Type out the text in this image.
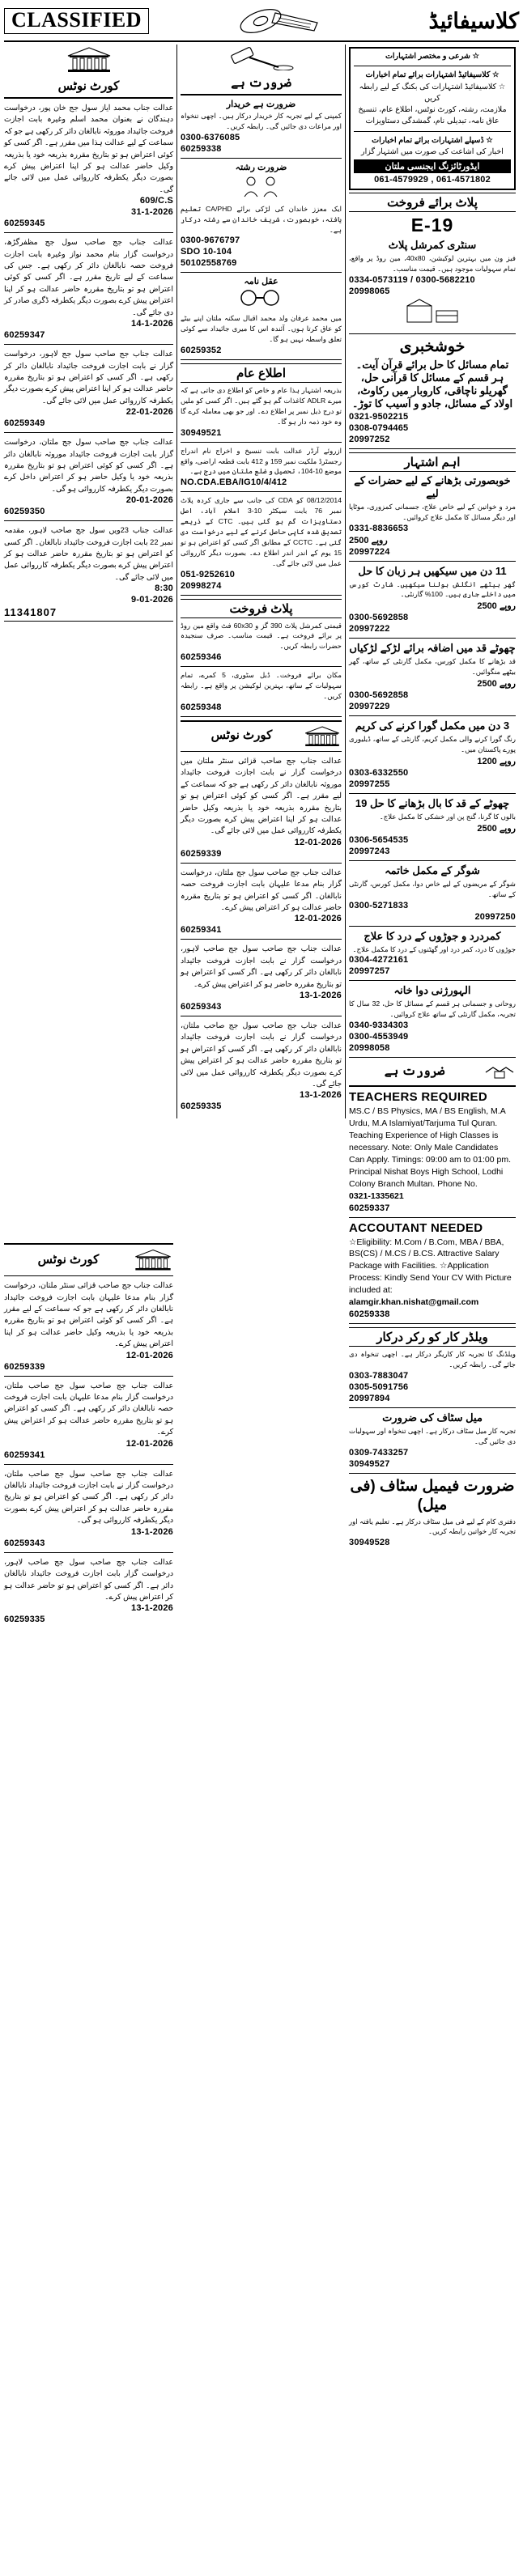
CLASSIFIED	کلاسیفائیڈ
کورٹ نوٹس
عدالت جناب محمد ایاز سول جج خان پور، درخواست دہندگان نے بعنوان محمد اسلم وغیرہ بابت اجازت فروخت جائیداد موروثہ نابالغان دائر کر رکھی ہے جو کہ سماعت کے لیے عدالت ہذا میں مقرر ہے۔ اگر کسی کو کوئی اعتراض ہو تو بتاریخ مقررہ بذریعہ خود یا بذریعہ وکیل حاضر عدالت ہو کر اپنا اعتراض پیش کرے بصورت دیگر یکطرفہ کارروائی عمل میں لائی جائے گی۔
609/C.S
31-1-2026
60259345
عدالت جناب جج صاحب سول جج مظفرگڑھ، درخواست گزار بنام محمد نواز وغیرہ بابت اجازت فروخت حصہ نابالغان دائر کر رکھی ہے۔ جس کی سماعت کے لیے تاریخ مقرر ہے۔ اگر کسی کو کوئی اعتراض ہو تو بتاریخ مقررہ حاضر عدالت ہو کر اپنا اعتراض پیش کرے بصورت دیگر یکطرفہ ڈگری صادر کر دی جائے گی۔
14-1-2026
60259347
عدالت جناب جج صاحب سول جج لاہور، درخواست گزار نے بابت اجازت فروخت جائیداد نابالغان دائر کر رکھی ہے۔ اگر کسی کو اعتراض ہو تو بتاریخ مقررہ حاضر عدالت ہو کر اپنا اعتراض پیش کرے بصورت دیگر یکطرفہ کارروائی عمل میں لائی جائے گی۔
22-01-2026
60259349
عدالت جناب جج صاحب سول جج ملتان، درخواست گزار بابت اجازت فروخت جائیداد موروثہ نابالغان دائر ہے۔ اگر کسی کو کوئی اعتراض ہو تو بتاریخ مقررہ بذریعہ خود یا وکیل حاضر ہو کر اعتراض داخل کرے بصورت دیگر یکطرفہ کارروائی ہو گی۔
20-01-2026
60259350
عدالت جناب 23ویں سول جج صاحب لاہور، مقدمہ نمبر 22 بابت اجازت فروخت جائیداد نابالغان۔ اگر کسی کو اعتراض ہو تو بتاریخ مقررہ حاضر عدالت ہو کر اعتراض پیش کرے بصورت دیگر یکطرفہ کارروائی عمل میں لائی جائے گی۔
8:30
9-01-2026
11341807
کورٹ نوٹس
عدالت جناب جج صاحب قزائی سنٹر ملتان، درخواست گزار بنام مدعا علیہان بابت اجازت فروخت جائیداد نابالغان دائر کر رکھی ہے جو کہ سماعت کے لیے مقرر ہے۔ اگر کسی کو کوئی اعتراض ہو تو بتاریخ مقررہ بذریعہ خود یا بذریعہ وکیل حاضر عدالت ہو کر اپنا اعتراض پیش کرے۔
12-01-2026
60259339
عدالت جناب جج صاحب سول جج صاحب ملتان، درخواست گزار بنام مدعا علیہان بابت اجازت فروخت حصہ نابالغان دائر کر رکھی ہے۔ اگر کسی کو اعتراض ہو تو بتاریخ مقررہ حاضر عدالت ہو کر اعتراض پیش کرے۔
12-01-2026
60259341
عدالت جناب جج صاحب سول جج صاحب ملتان، درخواست گزار نے بابت اجازت فروخت جائیداد نابالغان دائر کر رکھی ہے۔ اگر کسی کو اعتراض ہو تو بتاریخ مقررہ حاضر عدالت ہو کر اعتراض پیش کرے بصورت دیگر یکطرفہ کارروائی ہو گی۔
13-1-2026
60259343
عدالت جناب جج صاحب سول جج صاحب لاہور، درخواست گزار بابت اجازت فروخت جائیداد نابالغان دائر ہے۔ اگر کسی کو اعتراض ہو تو حاضر عدالت ہو کر اعتراض پیش کرے۔
13-1-2026
60259335
ضرورت ہے
ضرورت ہے خریدار
کمپنی کے لیے تجربہ کار خریدار درکار ہیں۔ اچھی تنخواہ اور مراعات دی جائیں گی۔ رابطہ کریں۔
0300-6376085
60259338
ضرورت رشتہ
ایک معزز خاندان کی لڑکی برائے CA/PHD تعلیم یافتہ، خوبصورت، شریف خاندان سے رشتہ درکار ہے۔
0300-9676797
SDO 10-104
50102558769
عقل نامہ
میں محمد عرفان ولد محمد اقبال سکنہ ملتان اپنے بیٹے کو عاق کرتا ہوں۔ آئندہ اس کا میری جائیداد سے کوئی تعلق واسطہ نہیں ہو گا۔
60259352
اطلاع عام
بذریعہ اشتہار ہذا عام و خاص کو اطلاع دی جاتی ہے کہ میرے ADLR کاغذات گم ہو گئے ہیں۔ اگر کسی کو ملیں تو درج ذیل نمبر پر اطلاع دے۔ اور جو بھی معاملہ کرے گا وہ خود ذمہ دار ہو گا۔
30949521
ازروئے آرڈر عدالت بابت تنسیخ و اخراج نام اندراج رجسٹرڈ ملکیت نمبر 159 و 412 بابت قطعہ اراضی، واقع موضع 10-104، تحصیل و ضلع ملتان میں درج ہے۔
NO.CDA.EBA/IG10/4/412
08/12/2014 کو CDA کی جانب سے جاری کردہ پلاٹ نمبر 76 بابت سیکٹر 10-3 اسلام آباد، اصل دستاویزات گم ہو گئی ہیں۔ CTC کے ذریعے تصدیق شدہ کاپی حاصل کرنے کے لیے درخواست دی گئی ہے۔ CCTC کے مطابق اگر کسی کو اعتراض ہو تو 15 یوم کے اندر اندر اطلاع دے۔ بصورت دیگر کارروائی عمل میں لائی جائے گی۔
051-9252610
20998274
پلاٹ فروخت
قیمتی کمرشل پلاٹ 390 گز و 60x30 فٹ واقع مین روڈ پر برائے فروخت ہے۔ قیمت مناسب۔ صرف سنجیدہ حضرات رابطہ کریں۔
60259346
مکان برائے فروخت۔ ڈبل سٹوری، 5 کمرے، تمام سہولیات کے ساتھ، بہترین لوکیشن پر واقع ہے۔ رابطہ کریں۔
60259348
کورٹ نوٹس
عدالت جناب جج صاحب قزائی سنٹر ملتان میں درخواست گزار نے بابت اجازت فروخت جائیداد موروثہ نابالغان دائر کر رکھی ہے جو کہ سماعت کے لیے مقرر ہے۔ اگر کسی کو کوئی اعتراض ہو تو بتاریخ مقررہ بذریعہ خود یا بذریعہ وکیل حاضر عدالت ہو کر اپنا اعتراض پیش کرے بصورت دیگر یکطرفہ کارروائی عمل میں لائی جائے گی۔
12-01-2026
60259339
عدالت جناب جج صاحب سول جج ملتان، درخواست گزار بنام مدعا علیہان بابت اجازت فروخت حصہ نابالغان۔ اگر کسی کو اعتراض ہو تو بتاریخ مقررہ حاضر عدالت ہو کر اعتراض پیش کرے۔
12-01-2026
60259341
عدالت جناب جج صاحب سول جج صاحب لاہور، درخواست گزار نے بابت اجازت فروخت جائیداد نابالغان دائر کر رکھی ہے۔ اگر کسی کو اعتراض ہو تو بتاریخ مقررہ حاضر ہو کر اعتراض پیش کرے۔
13-1-2026
60259343
عدالت جناب جج صاحب سول جج صاحب ملتان، درخواست گزار نے بابت اجازت فروخت جائیداد نابالغان دائر کر رکھی ہے۔ اگر کسی کو اعتراض ہو تو بتاریخ مقررہ حاضر عدالت ہو کر اعتراض پیش کرے بصورت دیگر یکطرفہ کارروائی عمل میں لائی جائے گی۔
13-1-2026
60259335
☆ شرعی و مختصر اشتہارات
☆ کلاسیفائیڈ اشتہارات برائے تمام اخبارات
☆ کلاسیفائیڈ اشتہارات کی بکنگ کے لیے رابطہ کریں
ملازمت، رشتہ، کورٹ نوٹس، اطلاع عام، تنسیخ
عاق نامہ، تبدیلی نام، گمشدگی دستاویزات
☆ ڈسپلے اشتہارات برائے تمام اخبارات
اخبار کی اشاعت کی صورت میں اشتہار گزار
ایڈورٹائزنگ ایجنسی ملتان
061-4579929 , 061-4571802
پلاٹ برائے فروخت
E-19
سنٹری کمرشل پلاٹ
فیز ون میں بہترین لوکیشن، 40x80، مین روڈ پر واقع، تمام سہولیات موجود ہیں۔ قیمت مناسب۔
0334-0573119 / 0300-5682210
20998065
خوشخبری
تمام مسائل کا حل برائے قرآن آیت۔ ہر قسم کے مسائل کا قرآنی حل، گھریلو ناچاقی، کاروبار میں رکاوٹ، اولاد کے مسائل، جادو و آسیب کا توڑ۔
0321-9502215
0308-0794465
20997252
اہم اشتہار
خوبصورتی بڑھانے کے لیے حضرات کے لیے
مرد و خواتین کے لیے خاص علاج، جسمانی کمزوری، موٹاپا اور دیگر مسائل کا مکمل علاج کروائیں۔
0331-8836653
2500 روپے
20997224
11 دن میں سیکھیں ہر زبان کا حل
گھر بیٹھے انگلش بولنا سیکھیں۔ شارٹ کورس میں داخلے جاری ہیں۔ 100% گارنٹی۔
2500 روپے
0300-5692858
20997222
چھوٹے قد میں اضافہ برائے لڑکے لڑکیاں
قد بڑھانے کا مکمل کورس، مکمل گارنٹی کے ساتھ، گھر بیٹھے منگوائیں۔
2500 روپے
0300-5692858
20997229
3 دن میں مکمل گورا کرنے کی کریم
رنگ گورا کرنے والی مکمل کریم، گارنٹی کے ساتھ، ڈیلیوری پورے پاکستان میں۔
1200 روپے
0303-6332550
20997255
چھوٹے کے قد کا بال بڑھانے کا حل 19
بالوں کا گرنا، گنج پن اور خشکی کا مکمل علاج۔
2500 روپے
0306-5654535
20997243
شوگر کے مکمل خاتمہ
شوگر کے مریضوں کے لیے خاص دوا، مکمل کورس، گارنٹی کے ساتھ۔
0300-5271833
20997250
کمردرد و جوڑوں کے درد کا علاج
جوڑوں کا درد، کمر درد اور گھٹنوں کے درد کا مکمل علاج۔
0304-4272161
20997257
الہورژنی دوا خانہ
روحانی و جسمانی ہر قسم کے مسائل کا حل، 32 سال کا تجربہ، مکمل گارنٹی کے ساتھ علاج کروائیں۔
0340-9334303
0300-4553949
20998058
ضرورت ہے
TEACHERS REQUIRED
MS.C / BS Physics, MA / BS English, M.A Urdu, M.A Islamiyat/Tarjuma Tul Quran. Teaching Experience of High Classes is necessary. Note: Only Male Candidates Can Apply. Timings: 09:00 am to 01:00 pm. Principal Nishat Boys High School, Lodhi Colony Branch Multan. Phone No.
0321-1335621
60259337
ACCOUTANT NEEDED
☆Eligibility: M.Com / B.Com, MBA / BBA, BS(CS) / M.CS / B.CS. Attractive Salary Package with Facilities. ☆Application Process: Kindly Send Your CV With Picture included at:
alamgir.khan.nishat@gmail.com
60259338
ویلڈر کار کو رکر درکار
ویلڈنگ کا تجربہ کار کاریگر درکار ہے۔ اچھی تنخواہ دی جائے گی۔ رابطہ کریں۔
0303-7883047
0305-5091756
20997894
میل سٹاف کی ضرورت
تجربہ کار میل سٹاف درکار ہے۔ اچھی تنخواہ اور سہولیات دی جائیں گی۔
0309-7433257
30949527
ضرورت فیمیل سٹاف (فی میل)
دفتری کام کے لیے فی میل سٹاف درکار ہے۔ تعلیم یافتہ اور تجربہ کار خواتین رابطہ کریں۔
30949528
